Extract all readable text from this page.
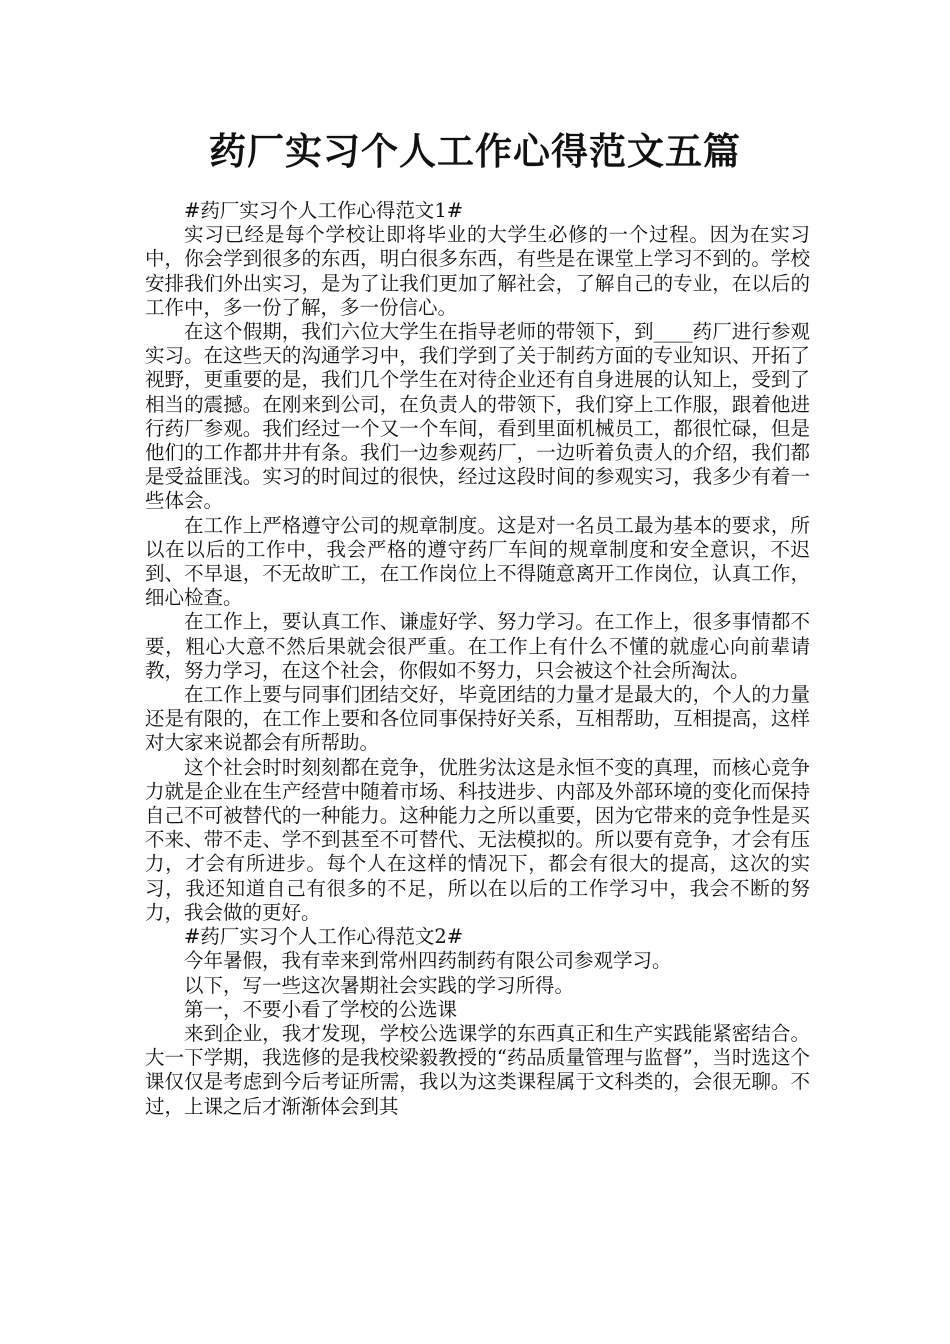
药厂实习个人工作心得范文五篇

#药厂实习个人工作心得范文1#

实习已经是每个学校让即将毕业的大学生必修的一个过程。因为在实习中，你会学到很多的东西，明白很多东西，有些是在课堂上学习不到的。学校安排我们外出实习，是为了让我们更加了解社会，了解自己的专业，在以后的工作中，多一份了解，多一份信心。

在这个假期，我们六位大学生在指导老师的带领下，到____药厂进行参观实习。在这些天的沟通学习中，我们学到了关于制药方面的专业知识、开拓了视野，更重要的是，我们几个学生在对待企业还有自身进展的认知上，受到了相当的震撼。在刚来到公司，在负责人的带领下，我们穿上工作服，跟着他进行药厂参观。我们经过一个又一个车间，看到里面机械员工，都很忙碌，但是他们的工作都井井有条。我们一边参观药厂，一边听着负责人的介绍，我们都是受益匪浅。实习的时间过的很快，经过这段时间的参观实习，我多少有着一些体会。

在工作上严格遵守公司的规章制度。这是对一名员工最为基本的要求，所以在以后的工作中，我会严格的遵守药厂车间的规章制度和安全意识，不迟到、不早退，不无故旷工，在工作岗位上不得随意离开工作岗位，认真工作，细心检查。

在工作上，要认真工作、谦虚好学、努力学习。在工作上，很多事情都不要，粗心大意不然后果就会很严重。在工作上有什么不懂的就虚心向前辈请教，努力学习，在这个社会，你假如不努力，只会被这个社会所淘汰。

在工作上要与同事们团结交好，毕竟团结的力量才是最大的，个人的力量还是有限的，在工作上要和各位同事保持好关系，互相帮助，互相提高，这样对大家来说都会有所帮助。

这个社会时时刻刻都在竞争，优胜劣汰这是永恒不变的真理，而核心竞争力就是企业在生产经营中随着市场、科技进步、内部及外部环境的变化而保持自己不可被替代的一种能力。这种能力之所以重要，因为它带来的竞争性是买不来、带不走、学不到甚至不可替代、无法模拟的。所以要有竞争，才会有压力，才会有所进步。每个人在这样的情况下，都会有很大的提高，这次的实习，我还知道自己有很多的不足，所以在以后的工作学习中，我会不断的努力，我会做的更好。

#药厂实习个人工作心得范文2#

今年暑假，我有幸来到常州四药制药有限公司参观学习。

以下，写一些这次暑期社会实践的学习所得。

第一，不要小看了学校的公选课

来到企业，我才发现，学校公选课学的东西真正和生产实践能紧密结合。大一下学期，我选修的是我校梁毅教授的“药品质量管理与监督”，当时选这个课仅仅是考虑到今后考证所需，我以为这类课程属于文科类的，会很无聊。不过，上课之后才渐渐体会到其
